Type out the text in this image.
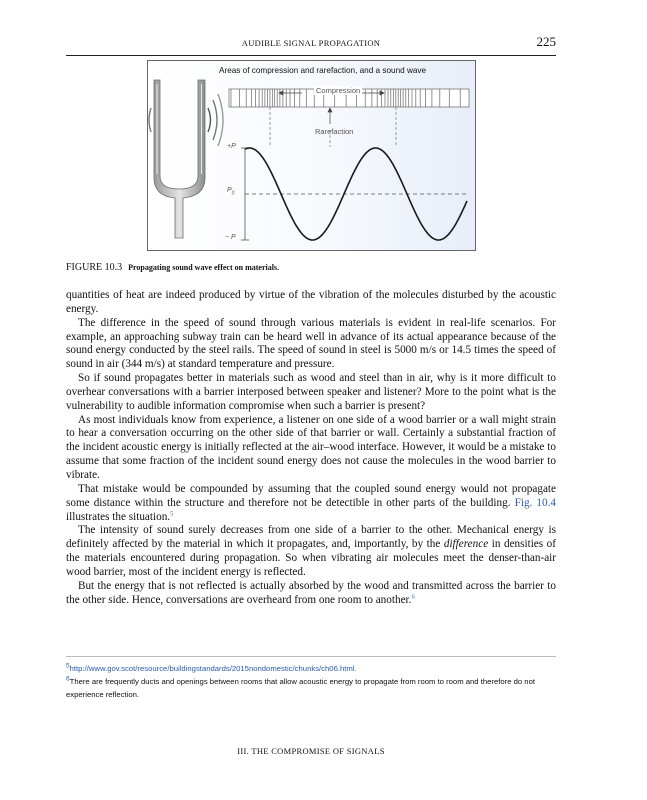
AUDIBLE SIGNAL PROPAGATION	225
Areas of compression and rarefaction, and a sound wave
Compression
Rarefaction
+P
$P_0$
− P
FIGURE 10.3 Propagating sound wave effect on materials.

quantities of heat are indeed produced by virtue of the vibration of the molecules disturbed by the acoustic energy.

The difference in the speed of sound through various materials is evident in real-life scenarios. For example, an approaching subway train can be heard well in advance of its actual appearance because of the sound energy conducted by the steel rails. The speed of sound in steel is 5000 m/s or 14.5 times the speed of sound in air (344 m/s) at standard temperature and pressure.

So if sound propagates better in materials such as wood and steel than in air, why is it more difficult to overhear conversations with a barrier interposed between speaker and listener? More to the point what is the vulnerability to audible information compromise when such a barrier is present?

As most individuals know from experience, a listener on one side of a wood barrier or a wall might strain to hear a conversation occurring on the other side of that barrier or wall. Certainly a substantial fraction of the incident acoustic energy is initially reflected at the air–wood interface. However, it would be a mistake to assume that some fraction of the incident sound energy does not cause the molecules in the wood barrier to vibrate.

That mistake would be compounded by assuming that the coupled sound energy would not propagate some distance within the structure and therefore not be detectible in other parts of the building. Fig. 10.4 illustrates the situation.$^5$

The intensity of sound surely decreases from one side of a barrier to the other. Mechanical energy is definitely affected by the material in which it propagates, and, importantly, by the difference in densities of the materials encountered during propagation. So when vibrating air molecules meet the denser-than-air wood barrier, most of the incident energy is reflected.

But the energy that is not reflected is actually absorbed by the wood and transmitted across the barrier to the other side. Hence, conversations are overheard from one room to another.$^6$

$^5$http://www.gov.scot/resource/buildingstandards/2015nondomestic/chunks/ch06.html.

$^6$There are frequently ducts and openings between rooms that allow acoustic energy to propagate from room to room and therefore do not experience reflection.

III. THE COMPROMISE OF SIGNALS
